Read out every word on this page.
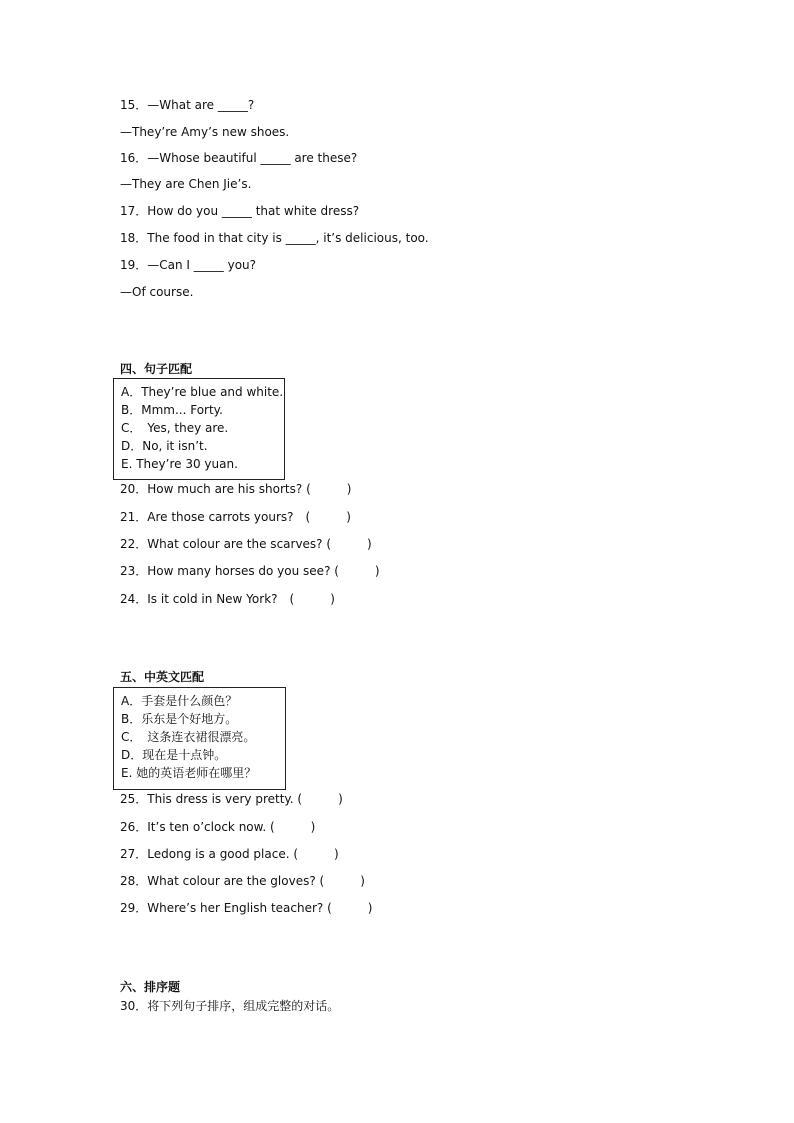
15．—What are _____?
—They’re Amy’s new shoes.
16．—Whose beautiful _____ are these?
—They are Chen Jie’s.
17．How do you _____ that white dress?
18．The food in that city is _____, it’s delicious, too.
19．—Can I _____ you?
—Of course.
四、句子匹配
A．They’re blue and white.
B．Mmm... Forty.
C．　Yes, they are.
D．No, it isn’t.
E. They’re 30 yuan.
20．How much are his shorts? (　　　)
21．Are those carrots yours?　(　　　)
22．What colour are the scarves? (　　　)
23．How many horses do you see? (　　　)
24．Is it cold in New York?　(　　　)
五、中英文匹配
A．手套是什么颜色？
B．乐东是个好地方。
C．　这条连衣裙很漂亮。
D．现在是十点钟。
E. 她的英语老师在哪里？
25．This dress is very pretty. (　　　)
26．It’s ten o’clock now. (　　　)
27．Ledong is a good place. (　　　)
28．What colour are the gloves? (　　　)
29．Where’s her English teacher? (　　　)
六、排序题
30．将下列句子排序，组成完整的对话。
